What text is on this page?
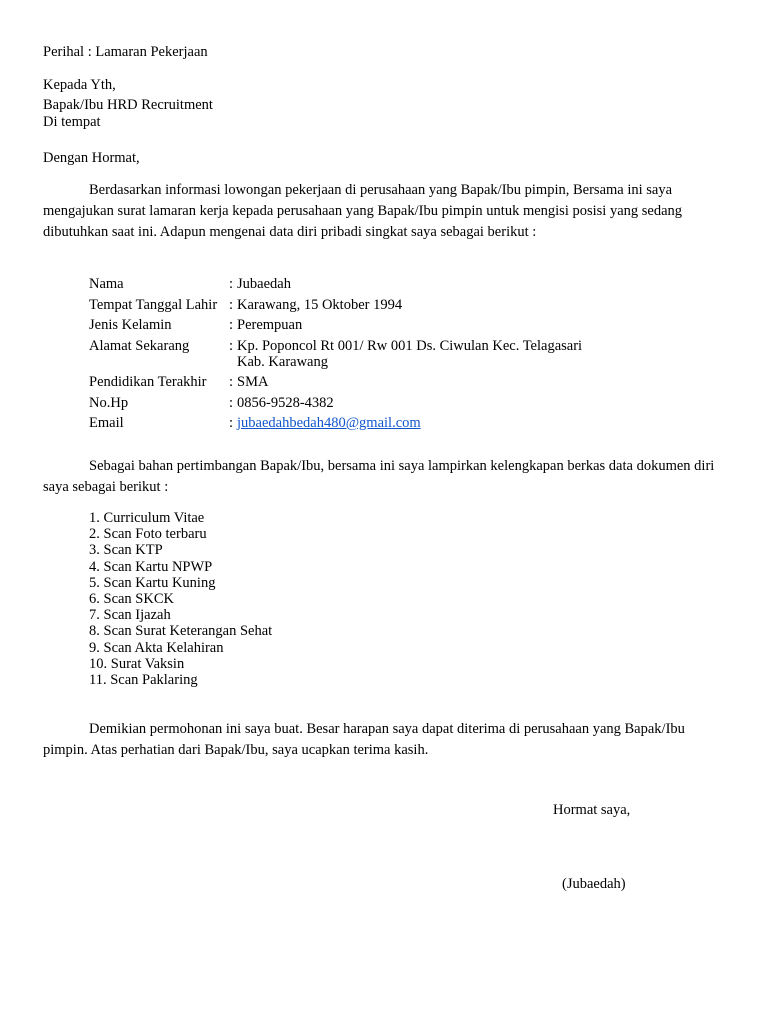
Perihal : Lamaran Pekerjaan
Kepada Yth,
Bapak/Ibu HRD Recruitment
Di tempat
Dengan Hormat,
Berdasarkan informasi lowongan pekerjaan di perusahaan yang Bapak/Ibu pimpin, Bersama ini saya mengajukan surat lamaran kerja kepada perusahaan yang Bapak/Ibu pimpin untuk mengisi posisi yang sedang dibutuhkan saat ini. Adapun mengenai data diri pribadi singkat saya sebagai berikut :
Nama	: Jubaedah
Tempat Tanggal Lahir : Karawang, 15 Oktober 1994
Jenis Kelamin	: Perempuan
Alamat Sekarang	: Kp. Poponcol Rt 001/ Rw 001 Ds. Ciwulan Kec. Telagasari
Kab. Karawang
Pendidikan Terakhir : SMA
No.Hp	: 0856-9528-4382
Email	: jubaedahbedah480@gmail.com
Sebagai bahan pertimbangan Bapak/Ibu, bersama ini saya lampirkan kelengkapan berkas data dokumen diri saya sebagai berikut :
1. Curriculum Vitae
2. Scan Foto terbaru
3. Scan KTP
4. Scan Kartu NPWP
5. Scan Kartu Kuning
6. Scan SKCK
7. Scan Ijazah
8. Scan Surat Keterangan Sehat
9. Scan Akta Kelahiran
10. Surat Vaksin
11. Scan Paklaring
Demikian permohonan ini saya buat. Besar harapan saya dapat diterima di perusahaan yang Bapak/Ibu pimpin. Atas perhatian dari Bapak/Ibu, saya ucapkan terima kasih.
Hormat saya,
(Jubaedah)
